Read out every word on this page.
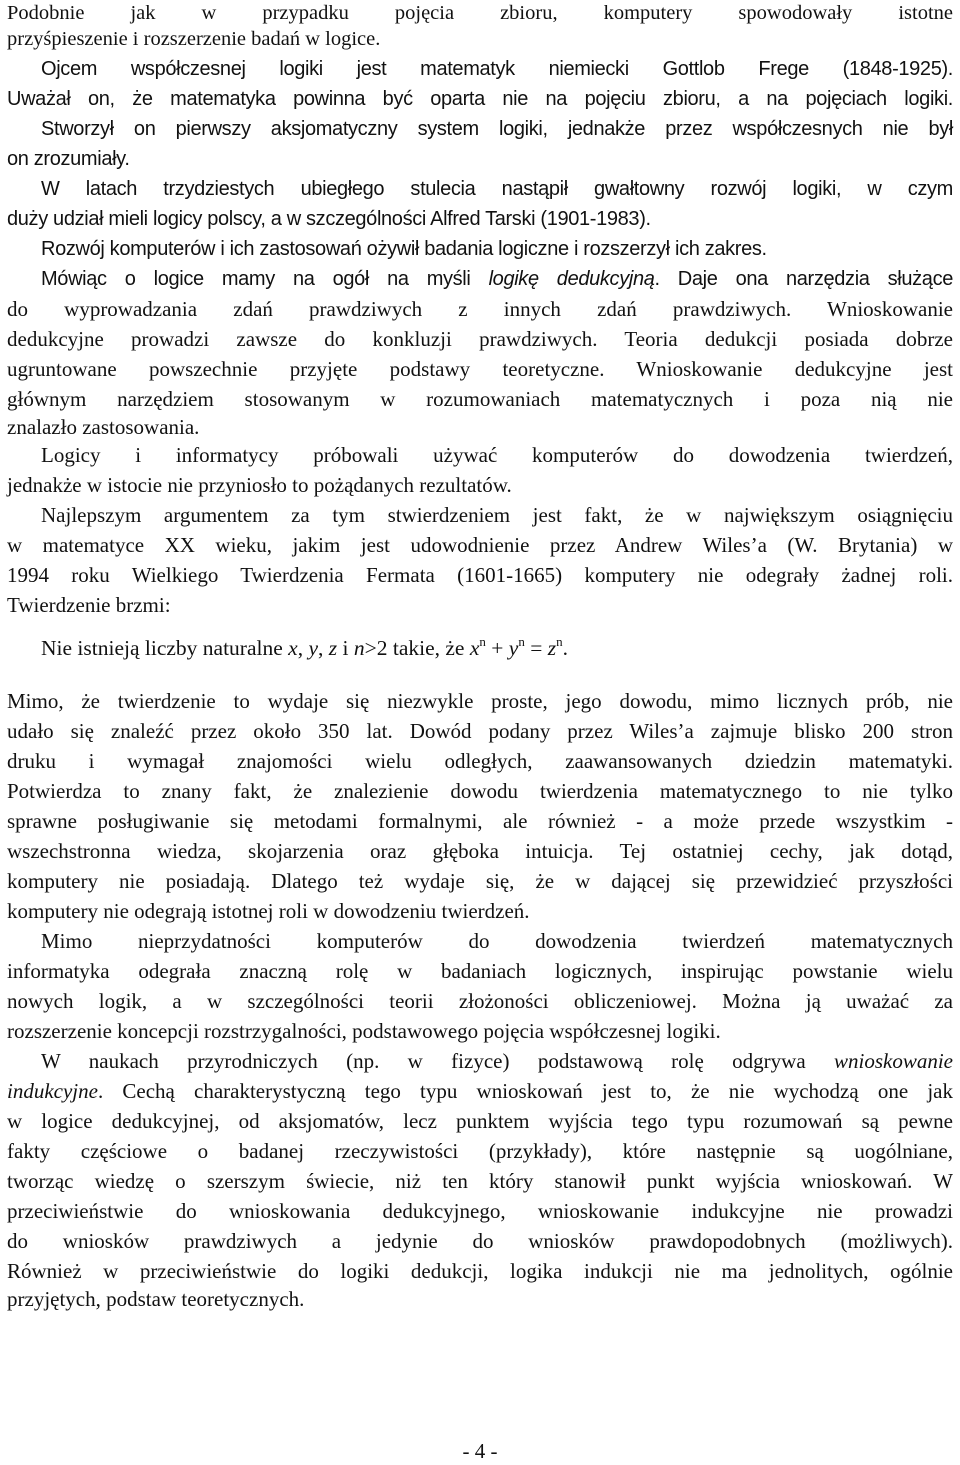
Podobnie jak w przypadku pojęcia zbioru, komputery spowodowały istotne
przyśpieszenie i rozszerzenie badań w logice.
Ojcem współczesnej logiki jest matematyk niemiecki Gottlob Frege (1848-1925).
Uważał on, że matematyka powinna być oparta nie na pojęciu zbioru, a na pojęciach logiki.
Stworzył on pierwszy aksjomatyczny system logiki, jednakże przez współczesnych nie był
on zrozumiały.
W latach trzydziestych ubiegłego stulecia nastąpił gwałtowny rozwój logiki, w czym
duży udział mieli logicy polscy, a w szczególności Alfred Tarski (1901-1983).
Rozwój komputerów i ich zastosowań ożywił badania logiczne i rozszerzył ich zakres.
Mówiąc o logice mamy na ogół na myśli logikę dedukcyjną. Daje ona narzędzia służące
do wyprowadzania zdań prawdziwych z innych zdań prawdziwych. Wnioskowanie
dedukcyjne prowadzi zawsze do konkluzji prawdziwych. Teoria dedukcji posiada dobrze
ugruntowane powszechnie przyjęte podstawy teoretyczne. Wnioskowanie dedukcyjne jest
głównym narzędziem stosowanym w rozumowaniach matematycznych i poza nią nie
znalazło zastosowania.
Logicy i informatycy próbowali używać komputerów do dowodzenia twierdzeń,
jednakże w istocie nie przyniosło to pożądanych rezultatów.
Najlepszym argumentem za tym stwierdzeniem jest fakt, że w największym osiągnięciu
w matematyce XX wieku, jakim jest udowodnienie przez Andrew Wiles’a (W. Brytania) w
1994 roku Wielkiego Twierdzenia Fermata (1601-1665) komputery nie odegrały żadnej roli.
Twierdzenie brzmi:
Nie istnieją liczby naturalne x, y, z i n>2 takie, że $x^n + y^n = z^n$.
Mimo, że twierdzenie to wydaje się niezwykle proste, jego dowodu, mimo licznych prób, nie
udało się znaleźć przez około 350 lat. Dowód podany przez Wiles’a zajmuje blisko 200 stron
druku i wymagał znajomości wielu odległych, zaawansowanych dziedzin matematyki.
Potwierdza to znany fakt, że znalezienie dowodu twierdzenia matematycznego to nie tylko
sprawne posługiwanie się metodami formalnymi, ale również - a może przede wszystkim -
wszechstronna wiedza, skojarzenia oraz głęboka intuicja. Tej ostatniej cechy, jak dotąd,
komputery nie posiadają. Dlatego też wydaje się, że w dającej się przewidzieć przyszłości
komputery nie odegrają istotnej roli w dowodzeniu twierdzeń.
Mimo nieprzydatności komputerów do dowodzenia twierdzeń matematycznych
informatyka odegrała znaczną rolę w badaniach logicznych, inspirując powstanie wielu
nowych logik, a w szczególności teorii złożoności obliczeniowej. Można ją uważać za
rozszerzenie koncepcji rozstrzygalności, podstawowego pojęcia współczesnej logiki.
W naukach przyrodniczych (np. w fizyce) podstawową rolę odgrywa wnioskowanie
indukcyjne. Cechą charakterystyczną tego typu wnioskowań jest to, że nie wychodzą one jak
w logice dedukcyjnej, od aksjomatów, lecz punktem wyjścia tego typu rozumowań są pewne
fakty częściowe o badanej rzeczywistości (przykłady), które następnie są uogólniane,
tworząc wiedzę o szerszym świecie, niż ten który stanowił punkt wyjścia wnioskowań. W
przeciwieństwie do wnioskowania dedukcyjnego, wnioskowanie indukcyjne nie prowadzi
do wniosków prawdziwych a jedynie do wniosków prawdopodobnych (możliwych).
Również w przeciwieństwie do logiki dedukcji, logika indukcji nie ma jednolitych, ogólnie
przyjętych, podstaw teoretycznych.
- 4 -
